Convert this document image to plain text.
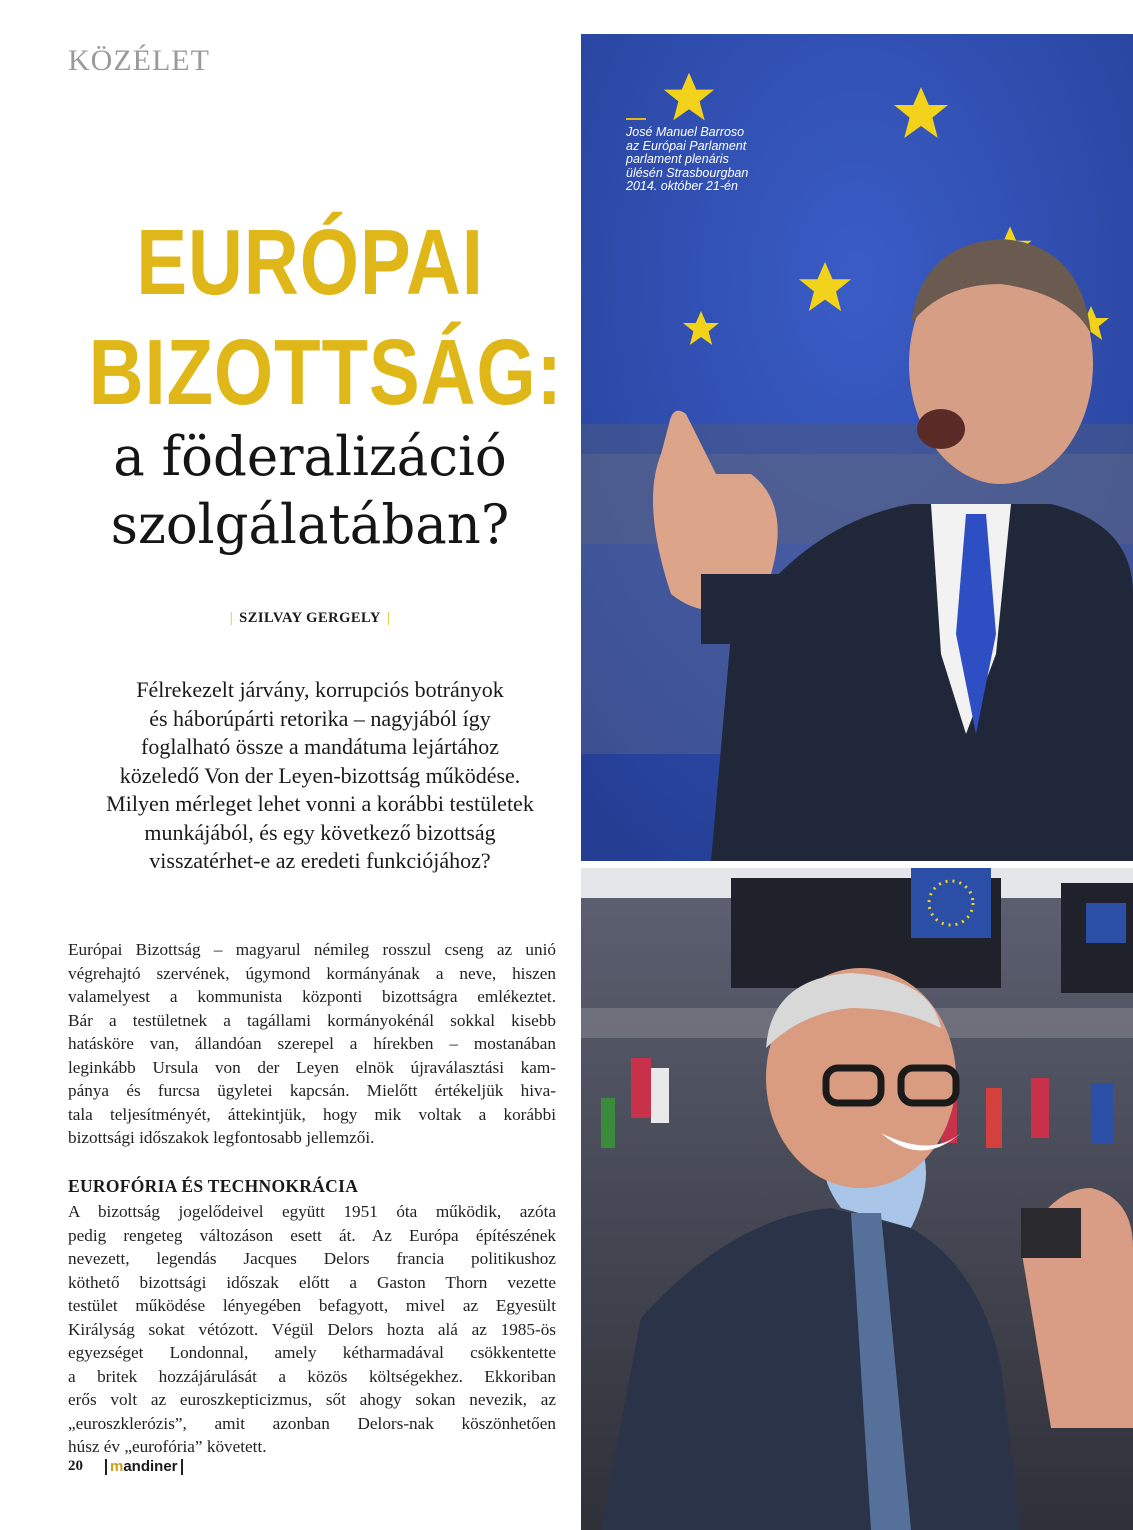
KÖZÉLET
EURÓPAI
BIZOTTSÁG:
a föderalizáció
szolgálatában?
| SZILVAY GERGELY |
Félrekezelt járvány, korrupciós botrányok
és háborúpárti retorika – nagyjából így
foglalható össze a mandátuma lejártához
közeledő Von der Leyen-bizottság működése.
Milyen mérleget lehet vonni a korábbi testületek
munkájából, és egy következő bizottság
visszatérhet-e az eredeti funkciójához?
Európai Bizottság – magyarul némileg rosszul cseng az unió
végrehajtó szervének, úgymond kormányának a neve, hiszen
valamelyest a kommunista központi bizottságra emlékeztet.
Bár a testületnek a tagállami kormányokénál sokkal kisebb
hatásköre van, állandóan szerepel a hírekben – mostanában
leginkább Ursula von der Leyen elnök újraválasztási kam-
pánya és furcsa ügyletei kapcsán. Mielőtt értékeljük hiva-
tala teljesítményét, áttekintjük, hogy mik voltak a korábbi
bizottsági időszakok legfontosabb jellemzői.
EUROFÓRIA ÉS TECHNOKRÁCIA
A bizottság jogelődeivel együtt 1951 óta működik, azóta
pedig rengeteg változáson esett át. Az Európa építészének
nevezett, legendás Jacques Delors francia politikushoz
köthető bizottsági időszak előtt a Gaston Thorn vezette
testület működése lényegében befagyott, mivel az Egyesült
Királyság sokat vétózott. Végül Delors hozta alá az 1985-ös
egyezséget Londonnal, amely kétharmadával csökkentette
a britek hozzájárulását a közös költségekhez. Ekkoriban
erős volt az euroszkepticizmus, sőt ahogy sokan nevezik, az
„euroszklerózis”, amit azonban Delors-nak köszönhetően
húsz év „eurofória” követett.
20	mandiner
José Manuel Barroso
az Európai Parlament
parlament plenáris
ülésén Strasbourgban
2014. október 21-én
